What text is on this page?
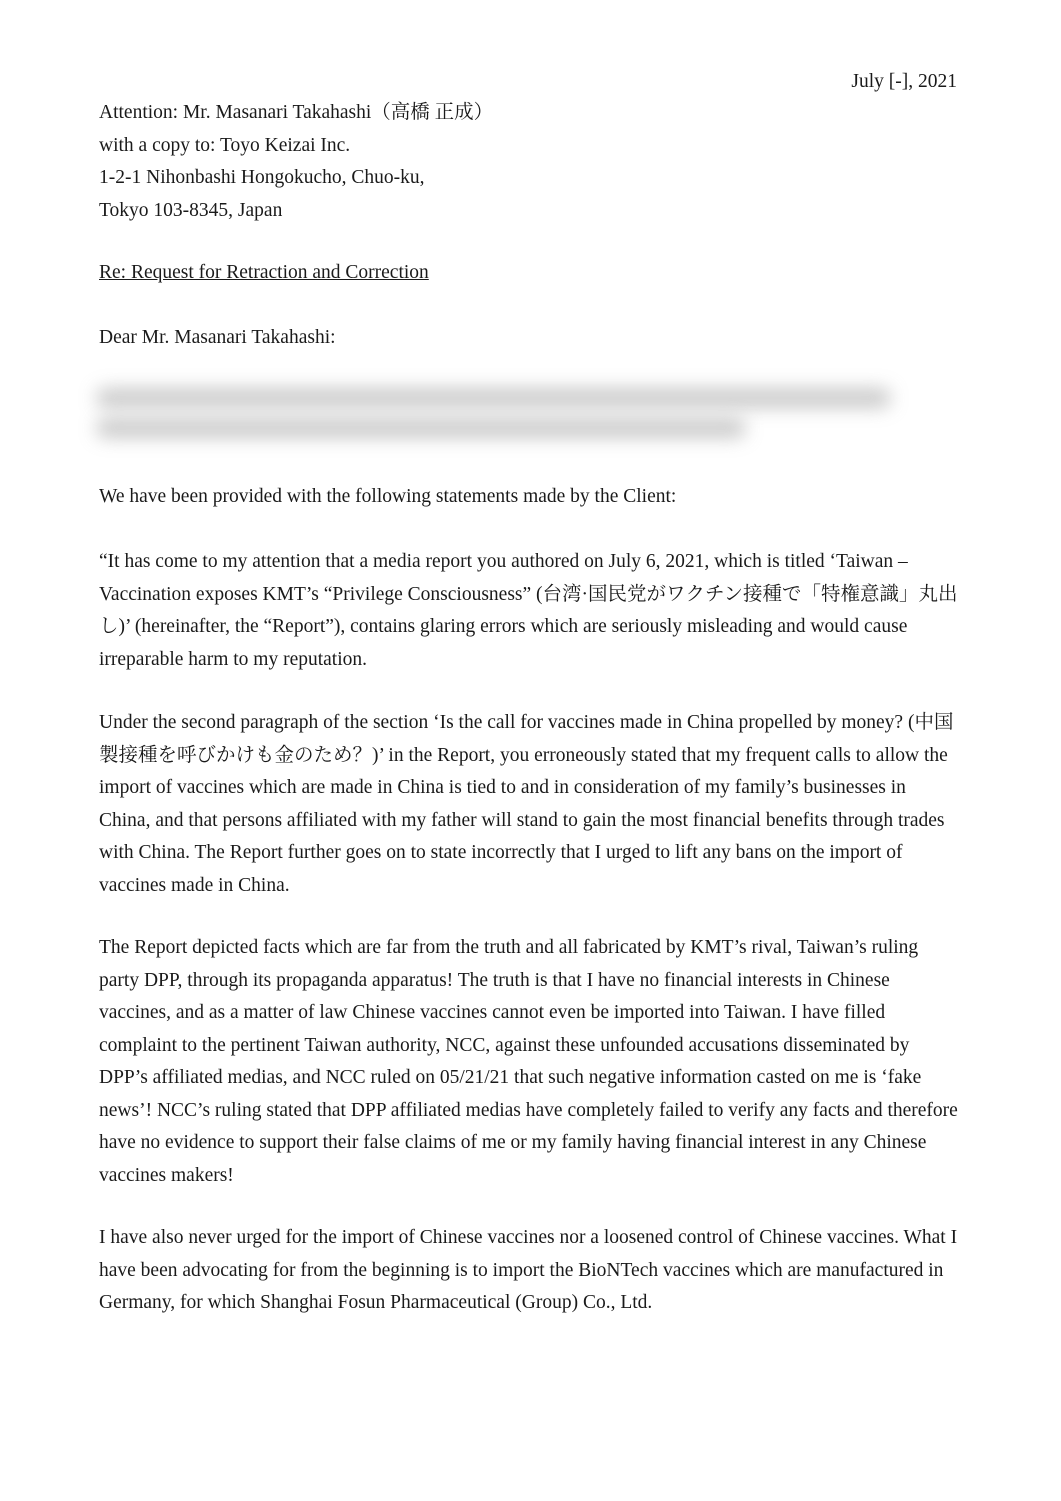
July [-], 2021

Attention: Mr. Masanari Takahashi（高橋 正成）

with a copy to: Toyo Keizai Inc.

1-2-1 Nihonbashi Hongokucho, Chuo-ku,

Tokyo 103-8345, Japan

Re: Request for Retraction and Correction

Dear Mr. Masanari Takahashi:

We have been provided with the following statements made by the Client:

“It has come to my attention that a media report you authored on July 6, 2021, which is titled ‘Taiwan – Vaccination exposes KMT’s “Privilege Consciousness” (台湾·国民党がワクチン接種で「特権意識」丸出し)’ (hereinafter, the “Report”), contains glaring errors which are seriously misleading and would cause irreparable harm to my reputation.

Under the second paragraph of the section ‘Is the call for vaccines made in China propelled by money? (中国製接種を呼びかけも金のため？)’ in the Report, you erroneously stated that my frequent calls to allow the import of vaccines which are made in China is tied to and in consideration of my family’s businesses in China, and that persons affiliated with my father will stand to gain the most financial benefits through trades with China. The Report further goes on to state incorrectly that I urged to lift any bans on the import of vaccines made in China.

The Report depicted facts which are far from the truth and all fabricated by KMT’s rival, Taiwan’s ruling party DPP, through its propaganda apparatus! The truth is that I have no financial interests in Chinese vaccines, and as a matter of law Chinese vaccines cannot even be imported into Taiwan. I have filled complaint to the pertinent Taiwan authority, NCC, against these unfounded accusations disseminated by DPP’s affiliated medias, and NCC ruled on 05/21/21 that such negative information casted on me is ‘fake news’! NCC’s ruling stated that DPP affiliated medias have completely failed to verify any facts and therefore have no evidence to support their false claims of me or my family having financial interest in any Chinese vaccines makers!

I have also never urged for the import of Chinese vaccines nor a loosened control of Chinese vaccines. What I have been advocating for from the beginning is to import the BioNTech vaccines which are manufactured in Germany, for which Shanghai Fosun Pharmaceutical (Group) Co., Ltd.
